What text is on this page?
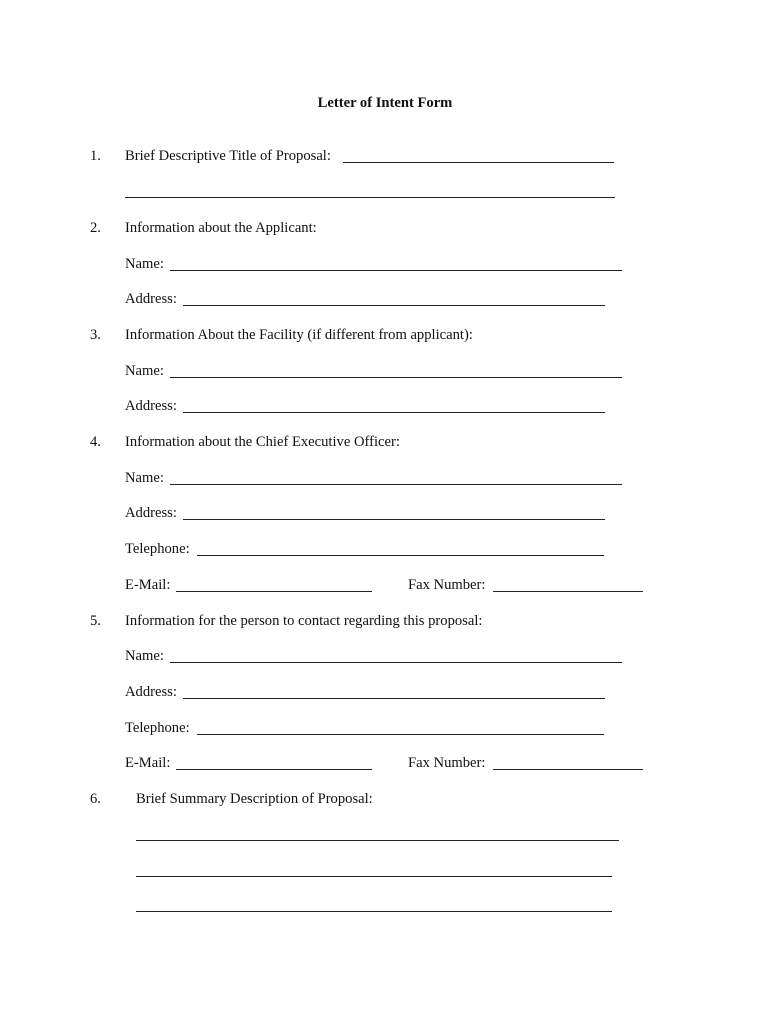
Letter of Intent Form
1.	Brief Descriptive Title of Proposal:
2.	Information about the Applicant:
Name:
Address:
3.	Information About the Facility (if different from applicant):
Name:
Address:
4.	Information about the Chief Executive Officer:
Name:
Address:
Telephone:
E-Mail:	Fax Number:
5.	Information for the person to contact regarding this proposal:
Name:
Address:
Telephone:
E-Mail:	Fax Number:
6.	Brief Summary Description of Proposal:
